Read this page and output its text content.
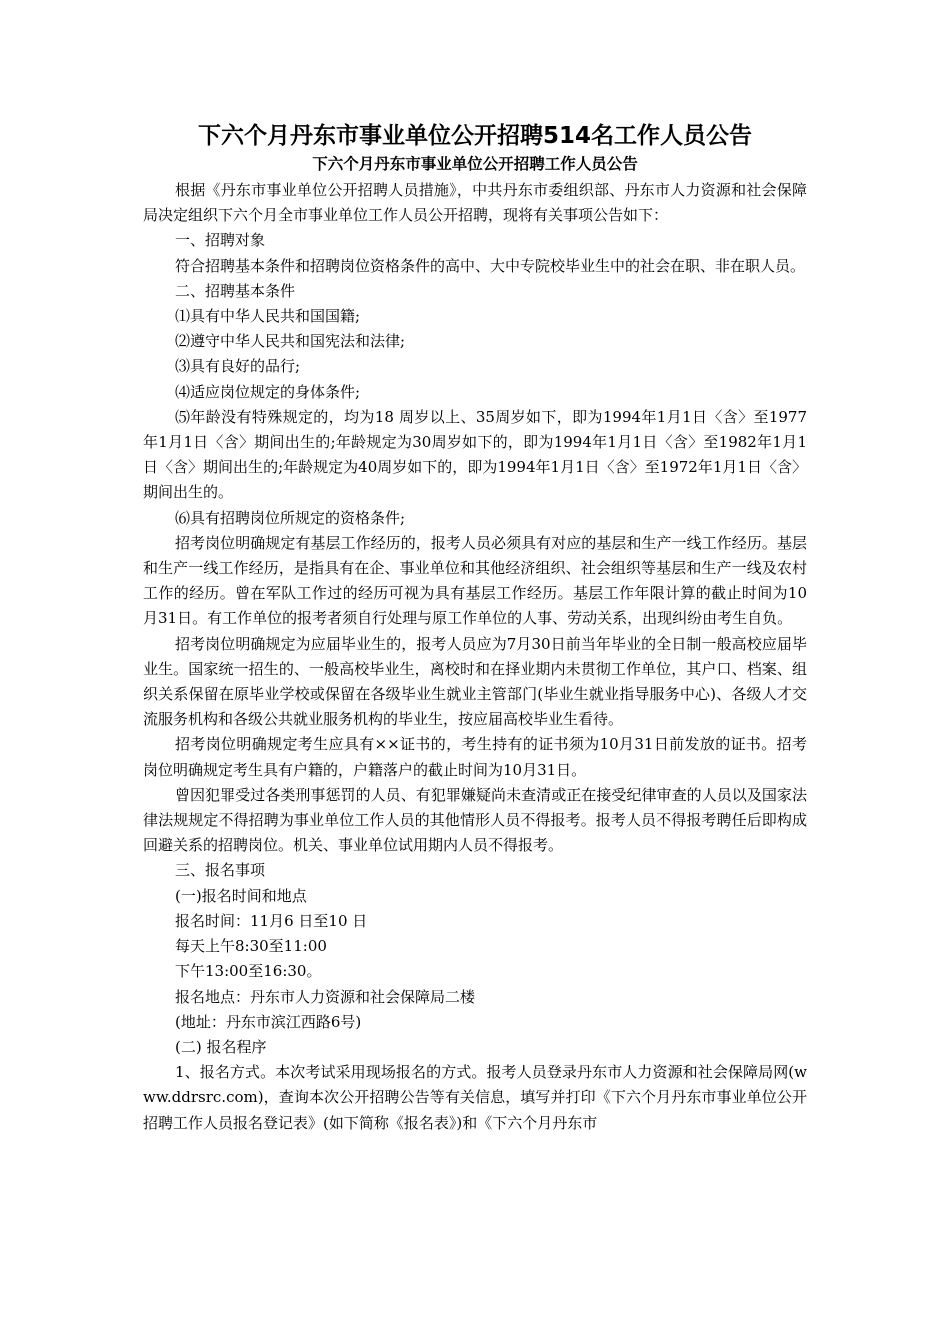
下六个月丹东市事业单位公开招聘514名工作人员公告
下六个月丹东市事业单位公开招聘工作人员公告

根据《丹东市事业单位公开招聘人员措施》，中共丹东市委组织部、丹东市人力资源和社会保障局决定组织下六个月全市事业单位工作人员公开招聘，现将有关事项公告如下：

一、招聘对象

符合招聘基本条件和招聘岗位资格条件的高中、大中专院校毕业生中的社会在职、非在职人员。

二、招聘基本条件

⑴具有中华人民共和国国籍;

⑵遵守中华人民共和国宪法和法律;

⑶具有良好的品行;

⑷适应岗位规定的身体条件;

⑸年龄没有特殊规定的，均为18 周岁以上、35周岁如下，即为1994年1月1日〈含〉至1977年1月1日〈含〉期间出生的;年龄规定为30周岁如下的，即为1994年1月1日〈含〉至1982年1月1日〈含〉期间出生的;年龄规定为40周岁如下的，即为1994年1月1日〈含〉至1972年1月1日〈含〉期间出生的。

⑹具有招聘岗位所规定的资格条件;

招考岗位明确规定有基层工作经历的，报考人员必须具有对应的基层和生产一线工作经历。基层和生产一线工作经历，是指具有在企、事业单位和其他经济组织、社会组织等基层和生产一线及农村工作的经历。曾在军队工作过的经历可视为具有基层工作经历。基层工作年限计算的截止时间为10月31日。有工作单位的报考者须自行处理与原工作单位的人事、劳动关系，出现纠纷由考生自负。

招考岗位明确规定为应届毕业生的，报考人员应为7月30日前当年毕业的全日制一般高校应届毕业生。国家统一招生的、一般高校毕业生，离校时和在择业期内未贯彻工作单位，其户口、档案、组织关系保留在原毕业学校或保留在各级毕业生就业主管部门(毕业生就业指导服务中心)、各级人才交流服务机构和各级公共就业服务机构的毕业生，按应届高校毕业生看待。

招考岗位明确规定考生应具有××证书的，考生持有的证书须为10月31日前发放的证书。招考岗位明确规定考生具有户籍的，户籍落户的截止时间为10月31日。

曾因犯罪受过各类刑事惩罚的人员、有犯罪嫌疑尚未查清或正在接受纪律审查的人员以及国家法律法规规定不得招聘为事业单位工作人员的其他情形人员不得报考。报考人员不得报考聘任后即构成回避关系的招聘岗位。机关、事业单位试用期内人员不得报考。

三、报名事项

(一)报名时间和地点

报名时间：11月6 日至10 日

每天上午8:30至11:00

下午13:00至16:30。

报名地点：丹东市人力资源和社会保障局二楼

(地址：丹东市滨江西路6号)

(二) 报名程序

1、报名方式。本次考试采用现场报名的方式。报考人员登录丹东市人力资源和社会保障局网(www.ddrsrc.com)，查询本次公开招聘公告等有关信息，填写并打印《下六个月丹东市事业单位公开招聘工作人员报名登记表》(如下简称《报名表》)和《下六个月丹东市
